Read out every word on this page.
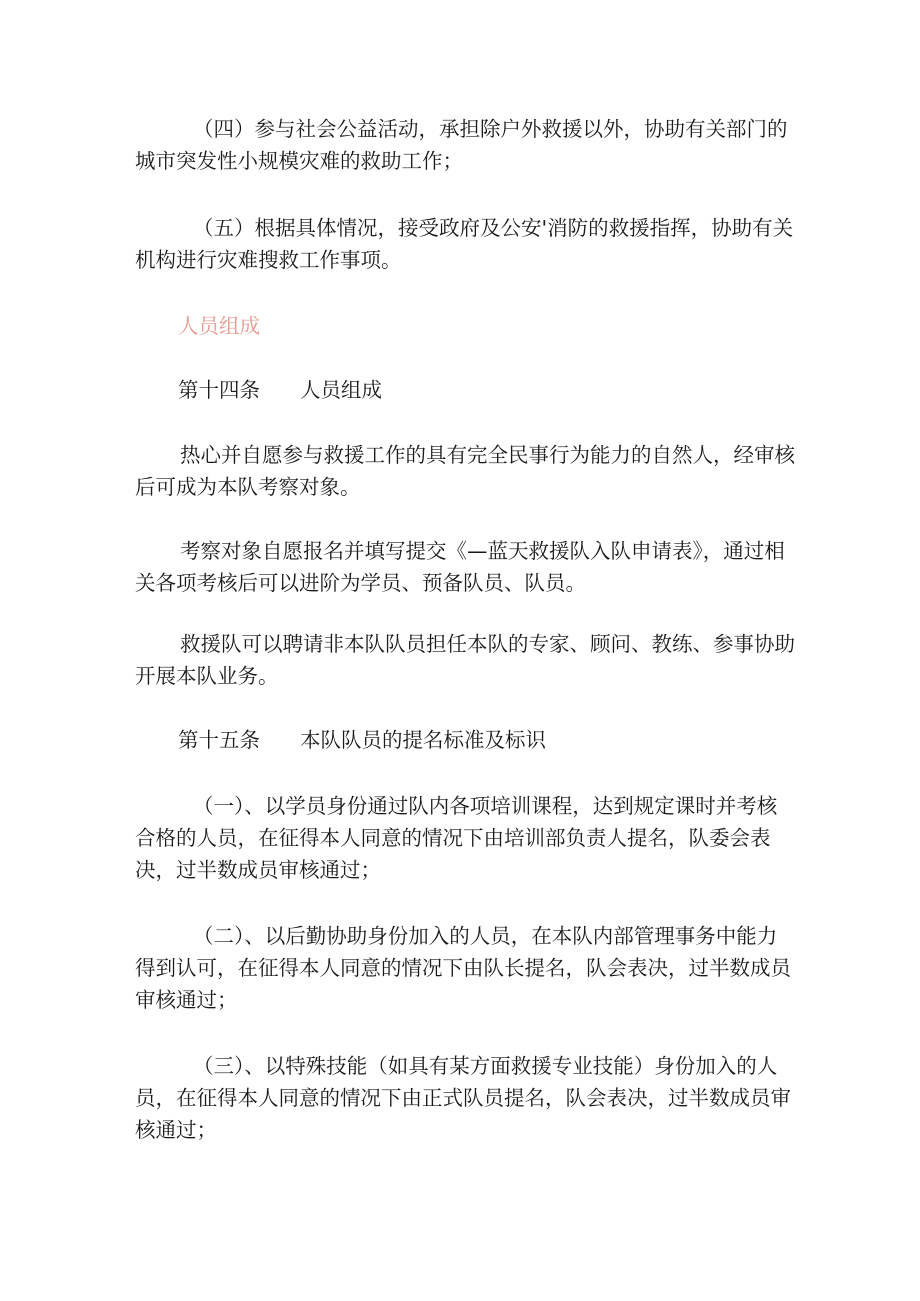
（四）参与社会公益活动，承担除户外救援以外，协助有关部门的城市突发性小规模灾难的救助工作；

（五）根据具体情况，接受政府及公安'消防的救援指挥，协助有关机构进行灾难搜救工作事项。

人员组成

第十四条 人员组成

热心并自愿参与救援工作的具有完全民事行为能力的自然人，经审核后可成为本队考察对象。

考察对象自愿报名并填写提交《—蓝天救援队入队申请表》，通过相关各项考核后可以进阶为学员、预备队员、队员。

救援队可以聘请非本队队员担任本队的专家、顾问、教练、参事协助开展本队业务。

第十五条 本队队员的提名标准及标识

（一）、以学员身份通过队内各项培训课程，达到规定课时并考核合格的人员，在征得本人同意的情况下由培训部负责人提名，队委会表决，过半数成员审核通过；

（二）、以后勤协助身份加入的人员，在本队内部管理事务中能力得到认可，在征得本人同意的情况下由队长提名，队会表决，过半数成员审核通过；

（三）、以特殊技能（如具有某方面救援专业技能）身份加入的人员，在征得本人同意的情况下由正式队员提名，队会表决，过半数成员审核通过；
